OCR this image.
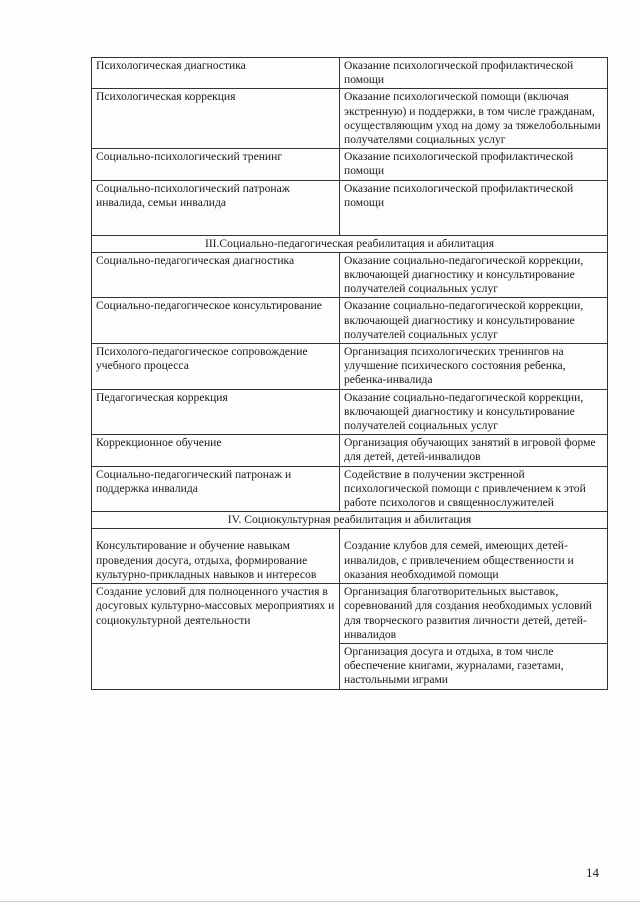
Психологическая диагностика	Оказание психологической профилактической помощи
Психологическая коррекция	Оказание психологической помощи (включая экстренную) и поддержки, в том числе гражданам, осуществляющим уход на дому за тяжелобольными получателями социальных услуг
Социально-психологический тренинг	Оказание психологической профилактической помощи
Социально-психологический патронаж инвалида, семьи инвалида	Оказание психологической профилактической помощи
III.Социально-педагогическая реабилитация и абилитация	
Социально-педагогическая диагностика	Оказание социально-педагогической коррекции, включающей диагностику и консультирование получателей социальных услуг
Социально-педагогическое консультирование	Оказание социально-педагогической коррекции, включающей диагностику и консультирование получателей социальных услуг
Психолого-педагогическое сопровождение учебного процесса	Организация психологических тренингов на улучшение психического состояния ребенка, ребенка-инвалида
Педагогическая коррекция	Оказание социально-педагогической коррекции, включающей диагностику и консультирование получателей социальных услуг
Коррекционное обучение	Организация обучающих занятий в игровой форме для детей, детей-инвалидов
Социально-педагогический патронаж и поддержка инвалида	Содействие в получении экстренной психологической помощи с привлечением к этой работе психологов и священнослужителей
IV. Социокультурная реабилитация и абилитация	
Консультирование и обучение навыкам проведения досуга, отдыха, формирование культурно-прикладных навыков и интересов	Создание клубов для семей, имеющих детей-инвалидов, с привлечением общественности и оказания необходимой помощи
Создание условий для полноценного участия в досуговых культурно-массовых мероприятиях и социокультурной деятельности	Организация благотворительных выставок, соревнований для создания необходимых условий для творческого развития личности детей, детей-инвалидов
	Организация досуга и отдыха, в том числе обеспечение книгами, журналами, газетами, настольными играми
14
